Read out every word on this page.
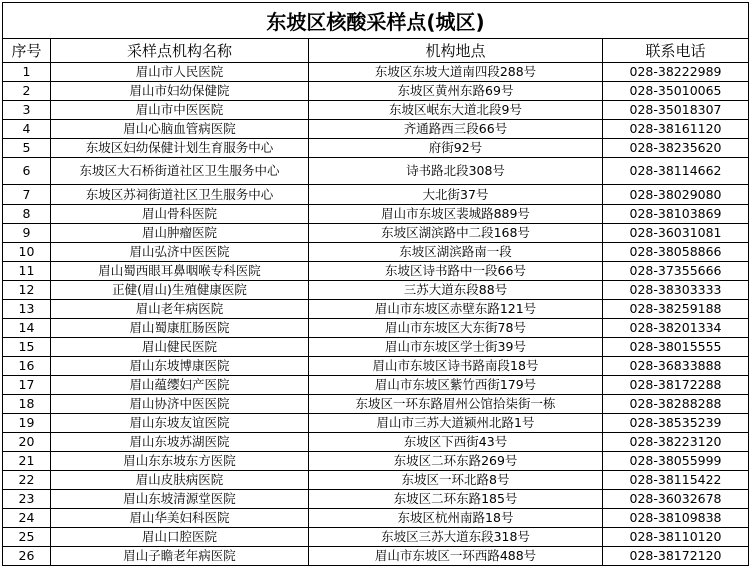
东坡区核酸采样点(城区)			
序号	采样点机构名称	机构地点	联系电话
1	眉山市人民医院	东坡区东坡大道南四段288号	028-38222989
2	眉山市妇幼保健院	东坡区黄州东路69号	028-35010065
3	眉山市中医医院	东坡区岷东大道北段9号	028-35018307
4	眉山心脑血管病医院	齐通路西三段66号	028-38161120
5	东坡区妇幼保健计划生育服务中心	府街92号	028-38235620
6	东坡区大石桥街道社区卫生服务中心	诗书路北段308号	028-38114662
7	东坡区苏祠街道社区卫生服务中心	大北街37号	028-38029080
8	眉山骨科医院	眉山市东坡区裴城路889号	028-38103869
9	眉山肿瘤医院	东坡区湖滨路中二段168号	028-36031081
10	眉山弘济中医医院	东坡区湖滨路南一段	028-38058866
11	眉山蜀西眼耳鼻咽喉专科医院	东坡区诗书路中一段66号	028-37355666
12	正健(眉山)生殖健康医院	三苏大道东段88号	028-38303333
13	眉山老年病医院	眉山市东坡区赤壁东路121号	028-38259188
14	眉山蜀康肛肠医院	眉山市东坡区大东街78号	028-38201334
15	眉山健民医院	眉山市东坡区学士街39号	028-38015555
16	眉山东坡博康医院	眉山市东坡区诗书路南段18号	028-36833888
17	眉山蕴缨妇产医院	眉山市东坡区紫竹西街179号	028-38172288
18	眉山协济中医医院	东坡区一环东路眉州公馆拾柒街一栋	028-38288288
19	眉山东坡友谊医院	眉山市三苏大道颍州北路1号	028-38535239
20	眉山东坡苏湖医院	东坡区下西街43号	028-38223120
21	眉山东东坡东方医院	东坡区二环东路269号	028-38055999
22	眉山皮肤病医院	东坡区一环北路8号	028-38115422
23	眉山东坡清源堂医院	东坡区二环东路185号	028-36032678
24	眉山华美妇科医院	东坡区杭州南路18号	028-38109838
25	眉山口腔医院	东坡区三苏大道东段318号	028-38110120
26	眉山子瞻老年病医院	眉山市东坡区一环西路488号	028-38172120
